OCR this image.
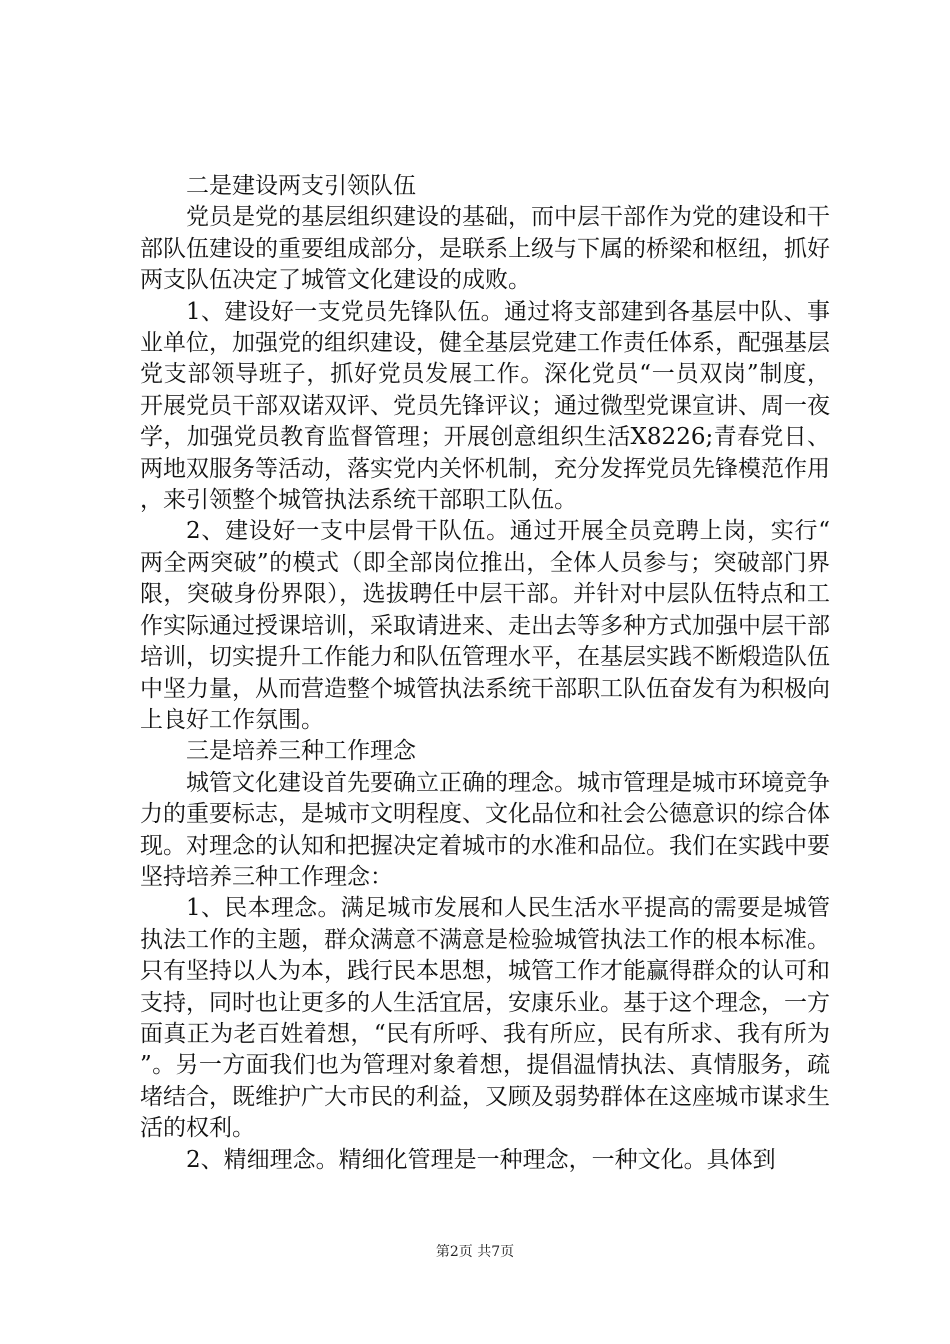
二是建设两支引领队伍

党员是党的基层组织建设的基础，而中层干部作为党的建设和干部队伍建设的重要组成部分，是联系上级与下属的桥梁和枢纽，抓好两支队伍决定了城管文化建设的成败。

1、建设好一支党员先锋队伍。通过将支部建到各基层中队、事业单位，加强党的组织建设，健全基层党建工作责任体系，配强基层党支部领导班子，抓好党员发展工作。深化党员“一员双岗”制度，开展党员干部双诺双评、党员先锋评议；通过微型党课宣讲、周一夜学，加强党员教育监督管理；开展创意组织生活X8226;青春党日、两地双服务等活动，落实党内关怀机制，充分发挥党员先锋模范作用，来引领整个城管执法系统干部职工队伍。

2、建设好一支中层骨干队伍。通过开展全员竞聘上岗，实行“两全两突破”的模式（即全部岗位推出，全体人员参与；突破部门界限，突破身份界限），选拔聘任中层干部。并针对中层队伍特点和工作实际通过授课培训，采取请进来、走出去等多种方式加强中层干部培训，切实提升工作能力和队伍管理水平，在基层实践不断煅造队伍中坚力量，从而营造整个城管执法系统干部职工队伍奋发有为积极向上良好工作氛围。

三是培养三种工作理念

城管文化建设首先要确立正确的理念。城市管理是城市环境竞争力的重要标志，是城市文明程度、文化品位和社会公德意识的综合体现。对理念的认知和把握决定着城市的水准和品位。我们在实践中要坚持培养三种工作理念：

1、民本理念。满足城市发展和人民生活水平提高的需要是城管执法工作的主题，群众满意不满意是检验城管执法工作的根本标准。只有坚持以人为本，践行民本思想，城管工作才能赢得群众的认可和支持，同时也让更多的人生活宜居，安康乐业。基于这个理念，一方面真正为老百姓着想，“民有所呼、我有所应，民有所求、我有所为”。另一方面我们也为管理对象着想，提倡温情执法、真情服务，疏堵结合，既维护广大市民的利益，又顾及弱势群体在这座城市谋求生活的权利。

2、精细理念。精细化管理是一种理念，一种文化。具体到

第2页 共7页
